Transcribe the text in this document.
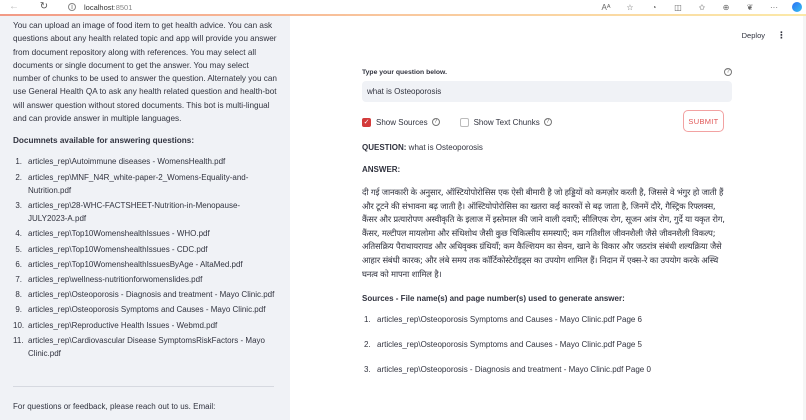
←	↻	i	localhost:8501	Aᴬ	☆	◔	◫	✩	⊕	❦	···

You can upload an image of food item to get health advice. You can ask questions about any health related topic and app will provide you answer from document repository along with references. You may select all documents or single document to get the answer. You may select number of chunks to be used to answer the question. Alternately you can use General Health QA to ask any health related question and health-bot will answer question without stored documents. This bot is multi-lingual and can provide answer in multiple languages.

Documnets available for answering questions:
1. articles_rep\Autoimmune diseases - WomensHealth.pdf
2. articles_rep\MNF_N4R_white-paper-2_Womens-Equality-and-Nutrition.pdf
3. articles_rep\28-WHC-FACTSHEET-Nutrition-in-Menopause-JULY2023-A.pdf
4. articles_rep\Top10WomenshealthIssues - WHO.pdf
5. articles_rep\Top10WomenshealthIssues - CDC.pdf
6. articles_rep\Top10WomenshealthIssuesByAge - AltaMed.pdf
7. articles_rep\wellness-nutritionforwomenslides.pdf
8. articles_rep\Osteoporosis - Diagnosis and treatment - Mayo Clinic.pdf
9. articles_rep\Osteoporosis Symptoms and Causes - Mayo Clinic.pdf
10. articles_rep\Reproductive Health Issues - Webmd.pdf
11. articles_rep\Cardiovascular Disease SymptomsRiskFactors - Mayo Clinic.pdf

For questions or feedback, please reach out to us. Email:

Deploy ⋮
Type your question below.	?
what is Osteoporosis
✓ Show Sources	?	Show Text Chunks	?	SUBMIT

QUESTION: what is Osteoporosis

ANSWER:

दी गई जानकारी के अनुसार, ऑस्टियोपोरोसिस एक ऐसी बीमारी है जो हड्डियों को कमज़ोर करती है, जिससे वे भंगुर हो जाती हैं और टूटने की संभावना बढ़ जाती है। ऑस्टियोपोरोसिस का खतरा कई कारकों से बढ़ जाता है, जिनमें दौरे, गैस्ट्रिक रिफ्लक्स, कैंसर और प्रत्यारोपण अस्वीकृति के इलाज में इस्तेमाल की जाने वाली दवाएँ; सीलिएक रोग, सूजन आंत्र रोग, गुर्दे या यकृत रोग, कैंसर, मल्टीपल मायलोमा और संधिशोथ जैसी कुछ चिकित्सीय समस्याएँ; कम गतिशील जीवनशैली जैसे जीवनशैली विकल्प; अतिसक्रिय पैराथायरायड और अधिवृक्क ग्रंथियाँ; कम कैल्शियम का सेवन, खाने के विकार और जठरांत्र संबंधी शल्यक्रिया जैसे आहार संबंधी कारक; और लंबे समय तक कॉर्टिकोस्टेरॉइड्स का उपयोग शामिल हैं। निदान में एक्स-रे का उपयोग करके अस्थि घनत्व को मापना शामिल है।

Sources - File name(s) and page number(s) used to generate answer:

1. articles_rep\Osteoporosis Symptoms and Causes - Mayo Clinic.pdf Page 6
2. articles_rep\Osteoporosis Symptoms and Causes - Mayo Clinic.pdf Page 5
3. articles_rep\Osteoporosis - Diagnosis and treatment - Mayo Clinic.pdf Page 0
